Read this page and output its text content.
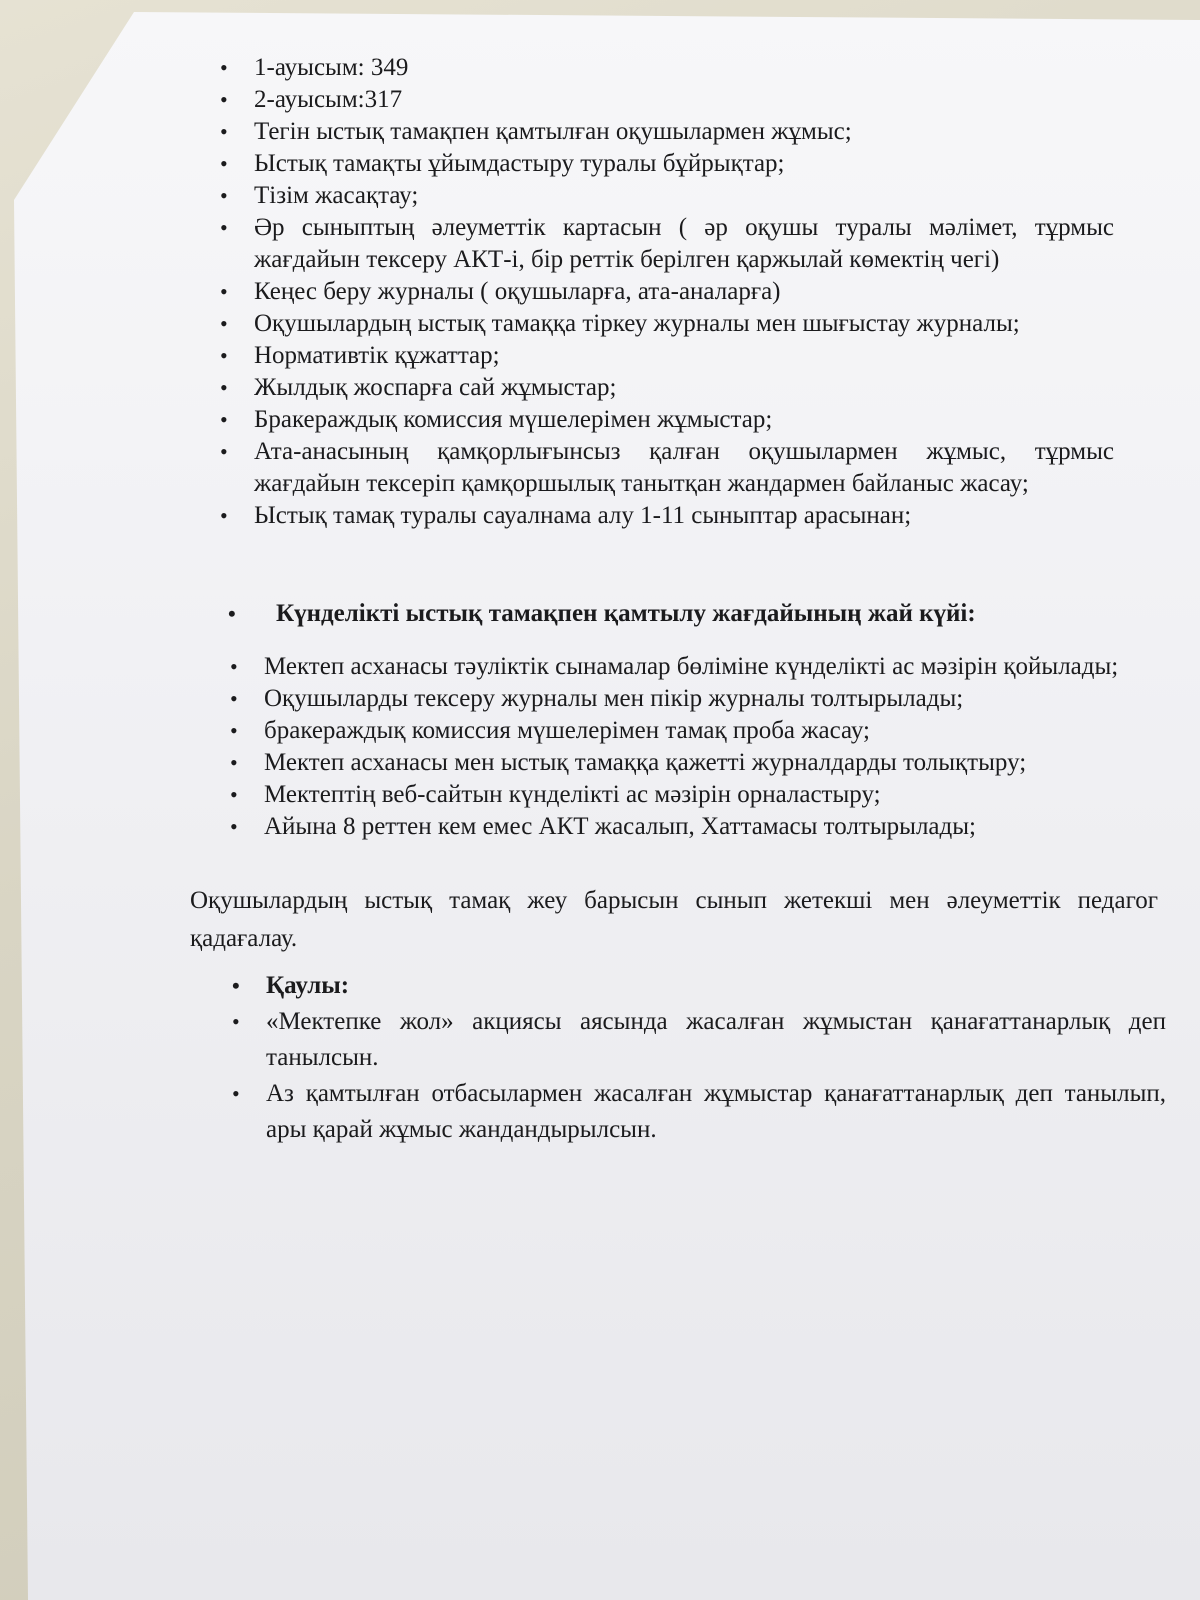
• 1-ауысым: 349
• 2-ауысым:317
• Тегін ыстық тамақпен қамтылған оқушылармен жұмыс;
• Ыстық тамақты ұйымдастыру туралы бұйрықтар;
• Тізім жасақтау;
• Әр сыныптың әлеуметтік картасын ( әр оқушы туралы мәлімет, тұрмыс жағдайын тексеру АКТ-і, бір реттік берілген қаржылай көмектің чегі)
• Кеңес беру журналы ( оқушыларға, ата-аналарға)
• Оқушылардың ыстық тамаққа тіркеу журналы мен шығыстау журналы;
• Нормативтік құжаттар;
• Жылдық жоспарға сай жұмыстар;
• Бракераждық комиссия мүшелерімен жұмыстар;
• Ата-анасының қамқорлығынсыз қалған оқушылармен жұмыс, тұрмыс жағдайын тексеріп қамқоршылық танытқан жандармен байланыс жасау;
• Ыстық тамақ туралы сауалнама алу 1-11 сыныптар арасынан;
• Күнделікті ыстық тамақпен қамтылу жағдайының жай күйі:
• Мектеп асханасы тәуліктік сынамалар бөліміне күнделікті ас мәзірін қойылады;
• Оқушыларды тексеру журналы мен пікір журналы толтырылады;
• бракераждық комиссия мүшелерімен тамақ проба жасау;
• Мектеп асханасы мен ыстық тамаққа қажетті журналдарды толықтыру;
• Мектептің веб-сайтын күнделікті ас мәзірін орналастыру;
• Айына 8 реттен кем емес АКТ жасалып, Хаттамасы толтырылады;
Оқушылардың ыстық тамақ жеу барысын сынып жетекші мен әлеуметтік педагог қадағалау.
• Қаулы:
• «Мектепке жол» акциясы аясында жасалған жұмыстан қанағаттанарлық деп танылсын.
• Аз қамтылған отбасылармен жасалған жұмыстар қанағаттанарлық деп танылып, ары қарай жұмыс жандандырылсын.
